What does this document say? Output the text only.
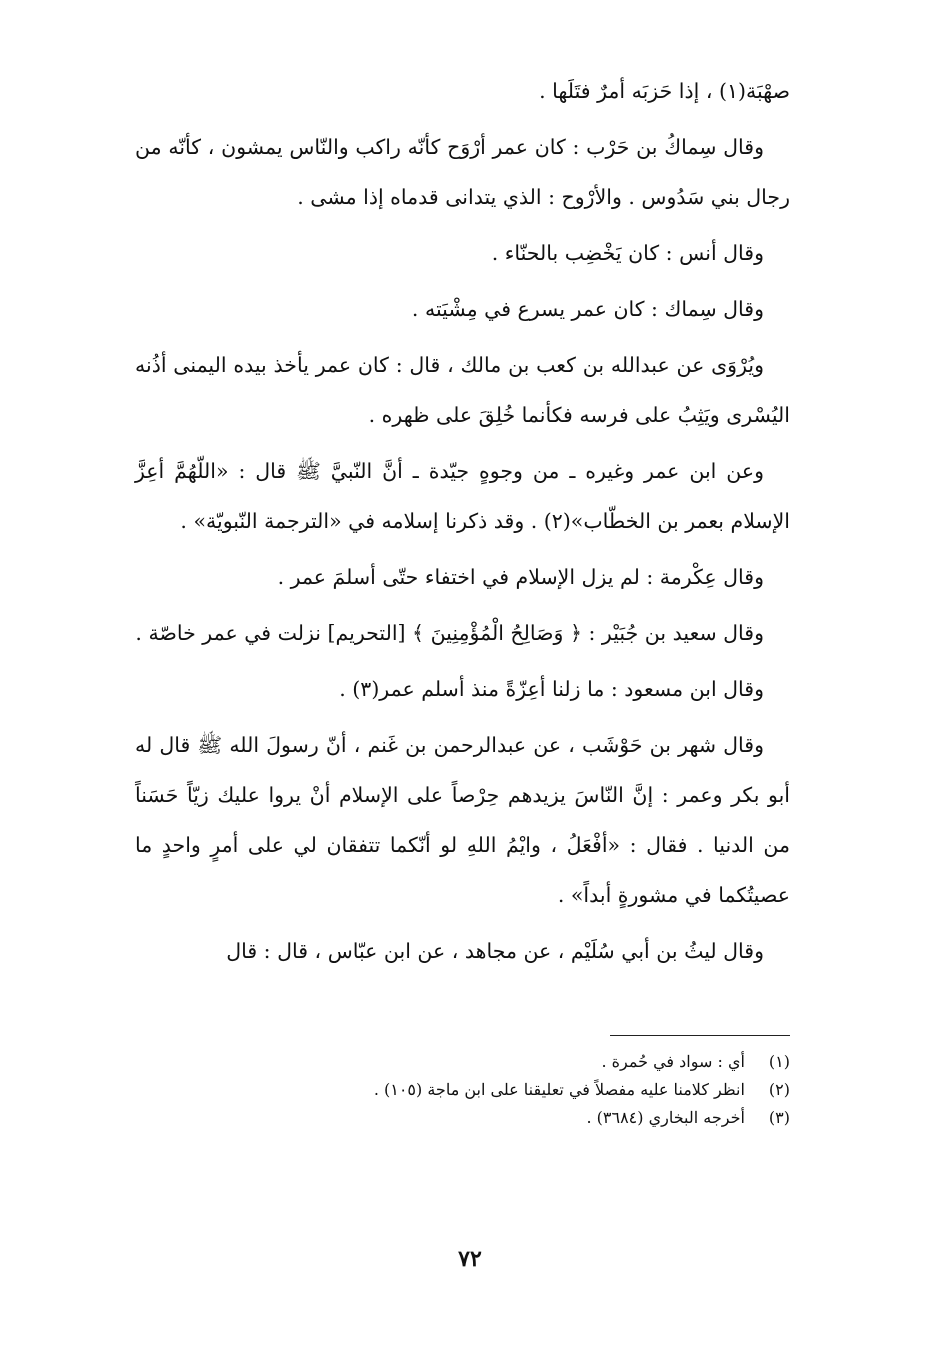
صهْبَة(١) ، إذا حَزبَه أمرٌ فتَلَها .

وقال سِماكُ بن حَرْب : كان عمر أرْوَح كأنّه راكب والنّاس يمشون ، كأنّه من رجال بني سَدُوس . والأرْوح : الذي يتدانى قدماه إذا مشى .

وقال أنس : كان يَخْضِب بالحنّاء .

وقال سِماك : كان عمر يسرع في مِشْيَته .

ويُرْوَى عن عبدالله بن كعب بن مالك ، قال : كان عمر يأخذ بيده اليمنى أذُنه اليُسْرى ويَثِبُ على فرسه فكأنما خُلِقَ على ظهره .

وعن ابن عمر وغيره ـ من وجوهٍ جيّدة ـ أنَّ النّبيَّ ﷺ قال : «اللّهُمَّ أعِزَّ الإسلام بعمر بن الخطّاب»(٢) . وقد ذكرنا إسلامه في «الترجمة النّبويّة» .

وقال عِكْرمة : لم يزل الإسلام في اختفاء حتّى أسلمَ عمر .

وقال سعيد بن جُبَيْر : ﴿ وَصَالِحُ الْمُؤْمِنِينَ ﴾ [التحريم] نزلت في عمر خاصّة .

وقال ابن مسعود : ما زلنا أعِزّةً منذ أسلم عمر(٣) .

وقال شهر بن حَوْشَب ، عن عبدالرحمن بن غَنم ، أنّ رسولَ الله ﷺ قال له أبو بكر وعمر : إنَّ النّاسَ يزيدهم حِرْصاً على الإسلام أنْ يروا عليك زيّاً حَسَناً من الدنيا . فقال : «أفْعَلُ ، وايْمُ اللهِ لو أنّكما تتفقان لي على أمرٍ واحدٍ ما عصيتُكما في مشورةٍ أبداً» .

وقال ليثُ بن أبي سُلَيْم ، عن مجاهد ، عن ابن عبّاس ، قال : قال

(١) أي : سواد في حُمرة .

(٢) انظر كلامنا عليه مفصلاً في تعليقنا على ابن ماجة (١٠٥) .

(٣) أخرجه البخاري (٣٦٨٤) .

٧٢
